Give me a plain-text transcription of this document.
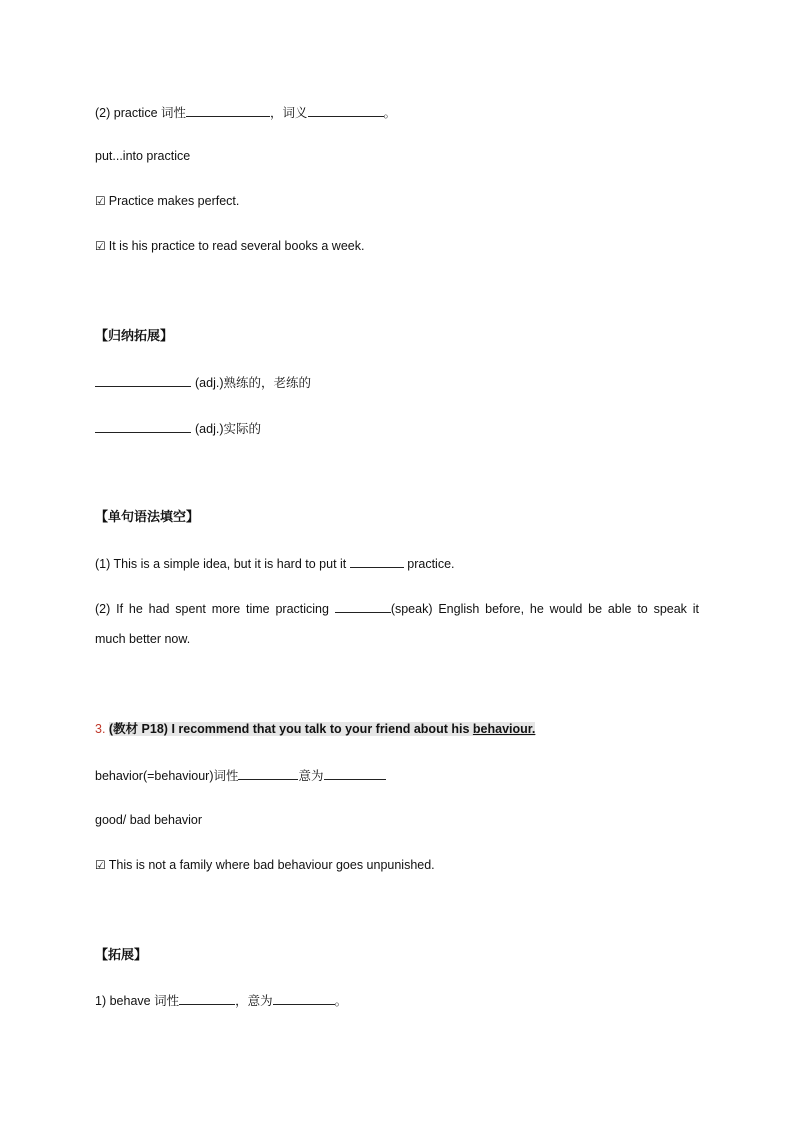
(2) practice 词性	，词义	。
put...into practice
☑ Practice makes perfect.
☑ It is his practice to read several books a week.
【归纳拓展】
(adj.)熟练的，老练的
(adj.)实际的
【单句语法填空】
(1) This is a simple idea, but it is hard to put it	practice.
(2) If he had spent more time practicing	(speak) English before, he would be able to speak it
much better now.
3. (教材 P18) I recommend that you talk to your friend about his behaviour.
behavior(=behaviour)词性	意为
good/ bad behavior
☑ This is not a family where bad behaviour goes unpunished.
【拓展】
1) behave 词性	，意为	。
